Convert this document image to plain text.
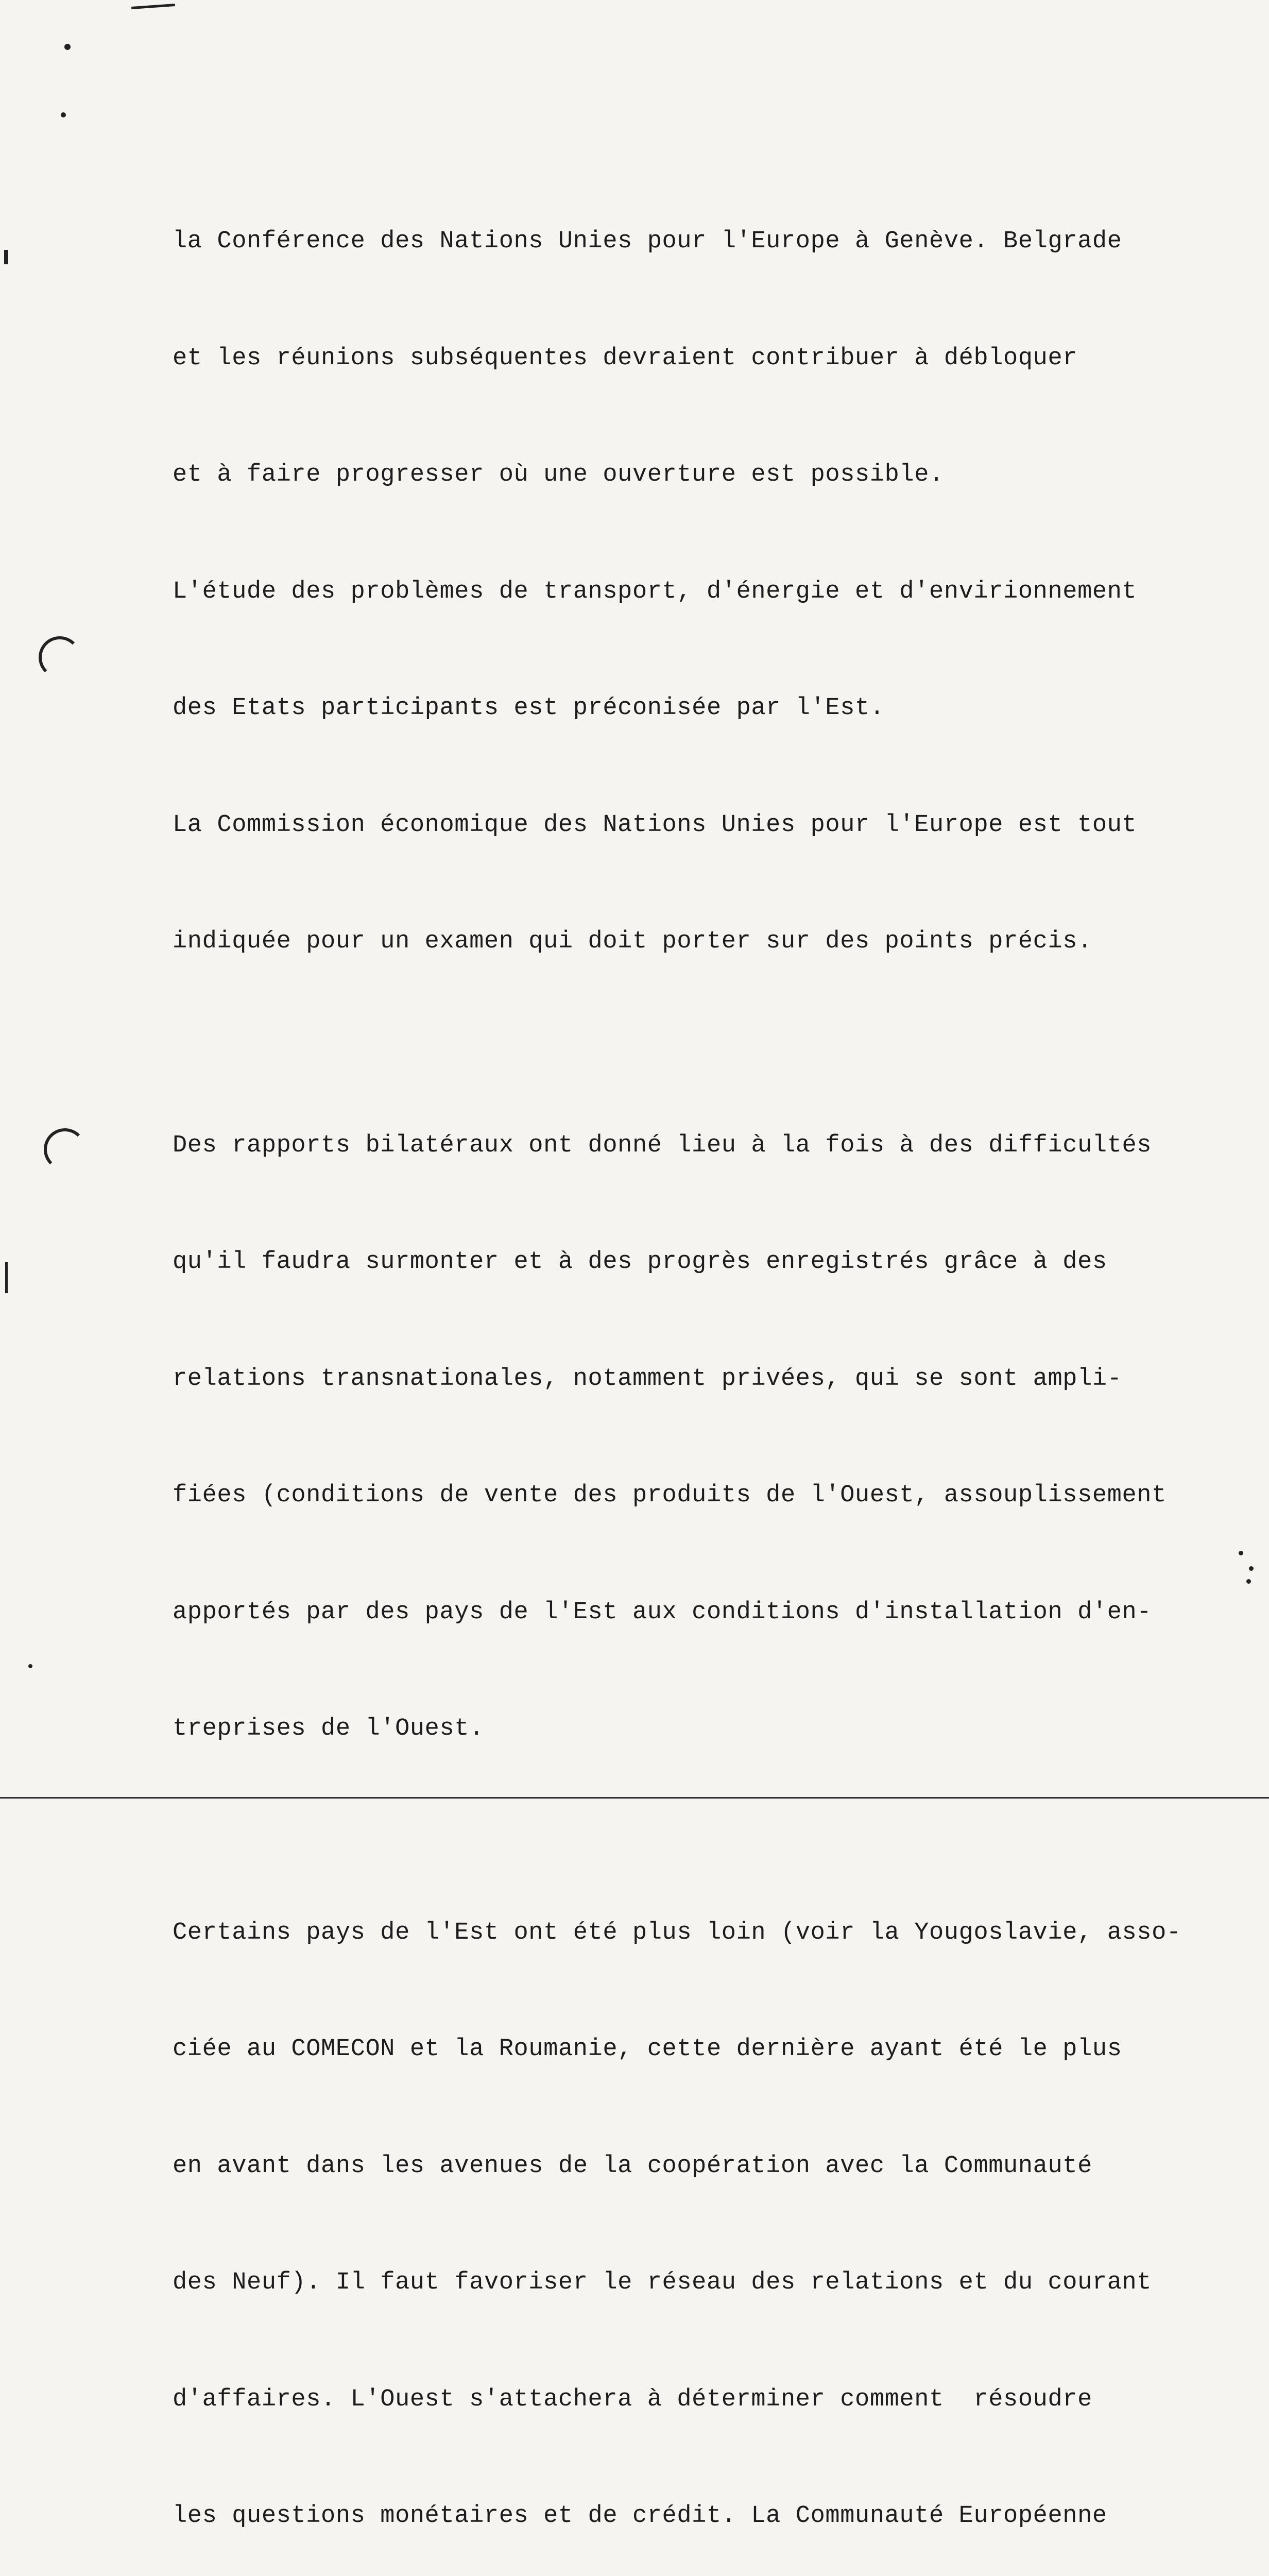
la Conférence des Nations Unies pour l'Europe à Genève. Belgrade

et les réunions subséquentes devraient contribuer à débloquer

et à faire progresser où une ouverture est possible.

L'étude des problèmes de transport, d'énergie et d'envirionnement

des Etats participants est préconisée par l'Est.

La Commission économique des Nations Unies pour l'Europe est tout

indiquée pour un examen qui doit porter sur des points précis.

Des rapports bilatéraux ont donné lieu à la fois à des difficultés

qu'il faudra surmonter et à des progrès enregistrés grâce à des

relations transnationales, notamment privées, qui se sont ampli-

fiées (conditions de vente des produits de l'Ouest, assouplissement

apportés par des pays de l'Est aux conditions d'installation d'en-

treprises de l'Ouest.

Certains pays de l'Est ont été plus loin (voir la Yougoslavie, asso-

ciée au COMECON et la Roumanie, cette dernière ayant été le plus

en avant dans les avenues de la coopération avec la Communauté

des Neuf). Il faut favoriser le réseau des relations et du courant

d'affaires. L'Ouest s'attachera à déterminer comment  résoudre

les questions monétaires et de crédit. La Communauté Européenne
